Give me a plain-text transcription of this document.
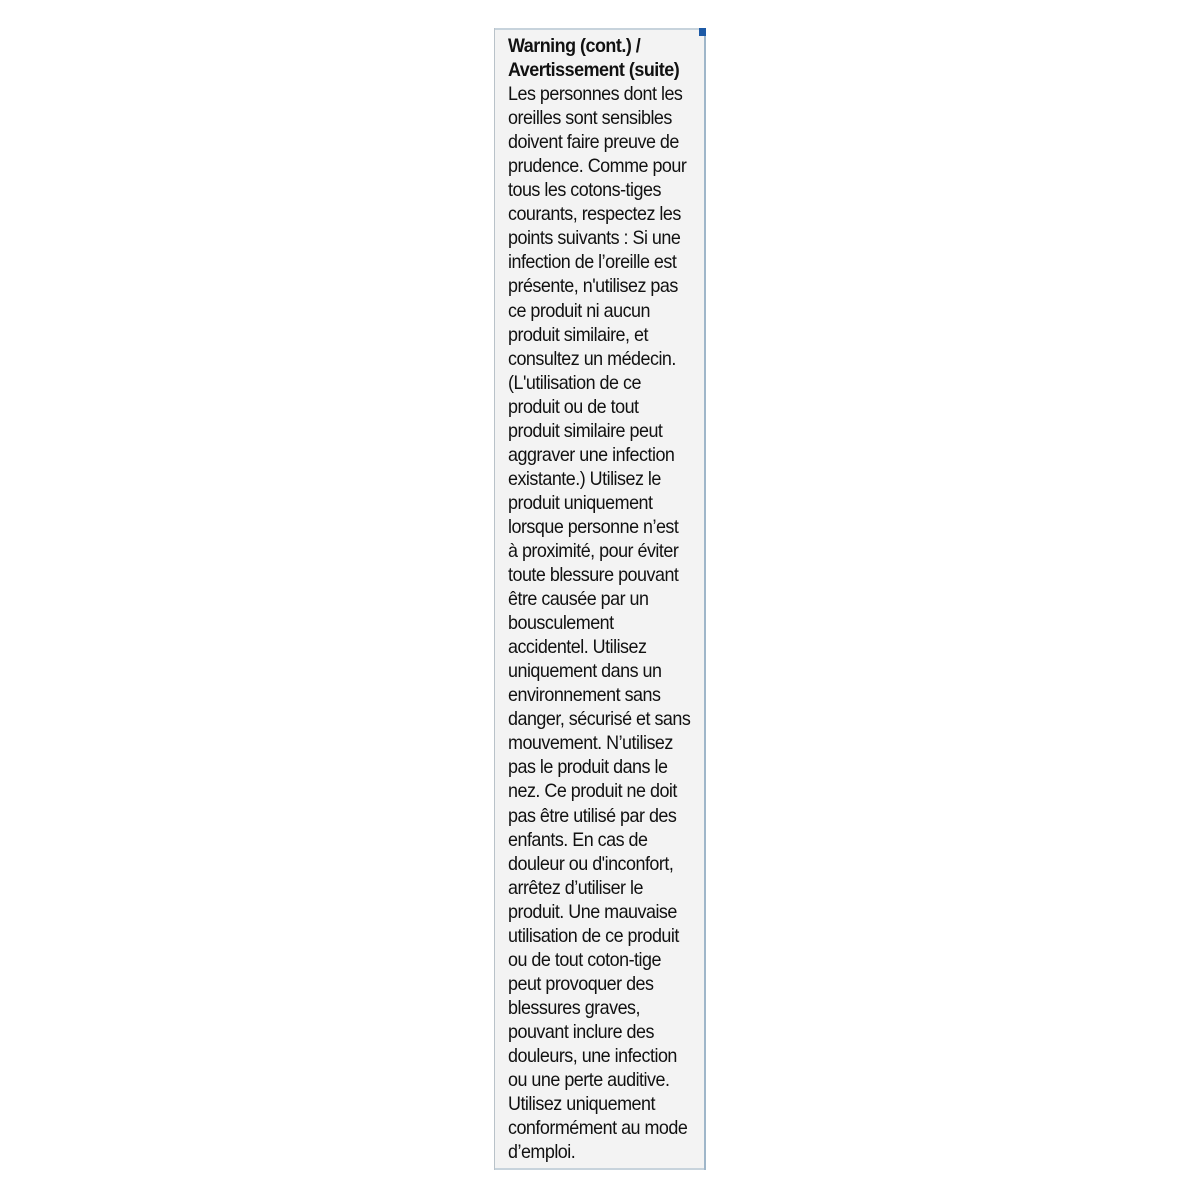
Warning (cont.) /
Avertissement (suite)
Les personnes dont les
oreilles sont sensibles
doivent faire preuve de
prudence. Comme pour
tous les cotons-tiges
courants, respectez les
points suivants : Si une
infection de l’oreille est
présente, n'utilisez pas
ce produit ni aucun
produit similaire, et
consultez un médecin.
(L'utilisation de ce
produit ou de tout
produit similaire peut
aggraver une infection
existante.) Utilisez le
produit uniquement
lorsque personne n’est
à proximité, pour éviter
toute blessure pouvant
être causée par un
bousculement
accidentel. Utilisez
uniquement dans un
environnement sans
danger, sécurisé et sans
mouvement. N’utilisez
pas le produit dans le
nez. Ce produit ne doit
pas être utilisé par des
enfants. En cas de
douleur ou d'inconfort,
arrêtez d’utiliser le
produit. Une mauvaise
utilisation de ce produit
ou de tout coton-tige
peut provoquer des
blessures graves,
pouvant inclure des
douleurs, une infection
ou une perte auditive.
Utilisez uniquement
conformément au mode
d’emploi.
